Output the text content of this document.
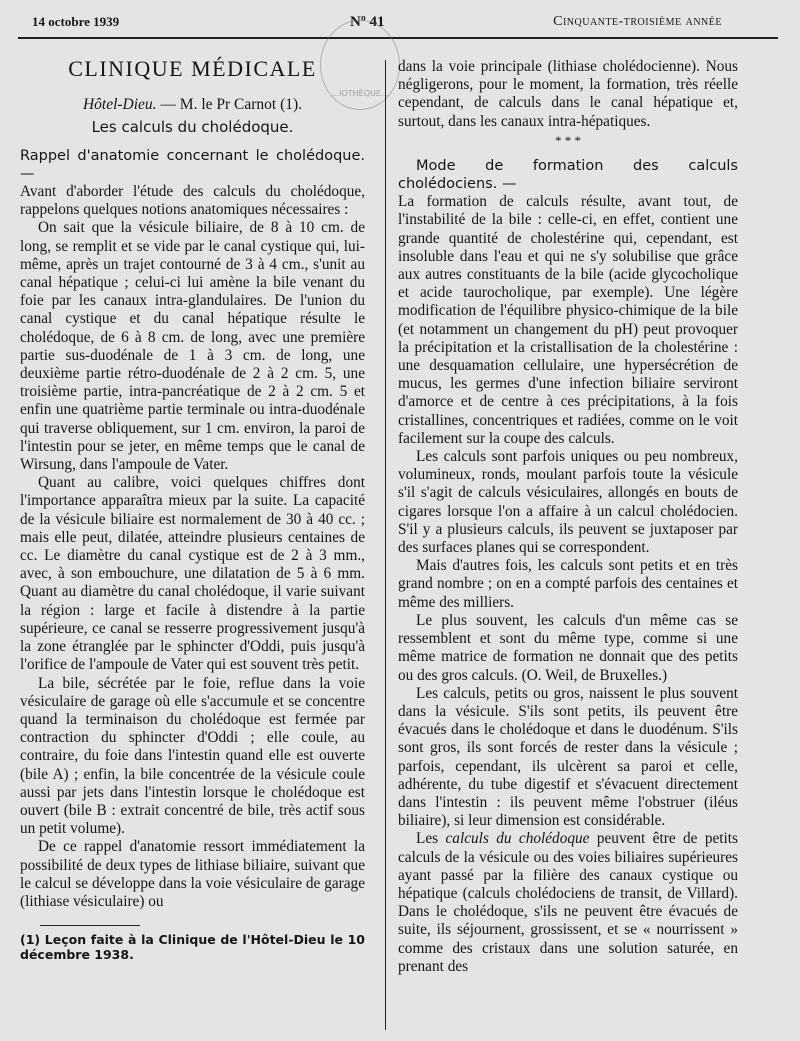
14 octobre 1939	Nº 41	Cinquante-troisième année
...IOTHÈQUE...
CLINIQUE MÉDICALE
Hôtel-Dieu. — M. le Pr Carnot (1).
Les calculs du cholédoque.

Rappel d'anatomie concernant le cholédoque. —

Avant d'aborder l'étude des calculs du cholédoque, rappelons quelques notions anatomiques nécessaires :

On sait que la vésicule biliaire, de 8 à 10 cm. de long, se remplit et se vide par le canal cystique qui, lui-même, après un trajet contourné de 3 à 4 cm., s'unit au canal hépatique ; celui-ci lui amène la bile venant du foie par les canaux intra-glandulaires. De l'union du canal cystique et du canal hépatique résulte le cholédoque, de 6 à 8 cm. de long, avec une première partie sus-duodénale de 1 à 3 cm. de long, une deuxième partie rétro-duodénale de 2 à 2 cm. 5, une troisième partie, intra-pancréatique de 2 à 2 cm. 5 et enfin une quatrième partie terminale ou intra-duodénale qui traverse obliquement, sur 1 cm. environ, la paroi de l'intestin pour se jeter, en même temps que le canal de Wirsung, dans l'ampoule de Vater.

Quant au calibre, voici quelques chiffres dont l'importance apparaîtra mieux par la suite. La capacité de la vésicule biliaire est normalement de 30 à 40 cc. ; mais elle peut, dilatée, atteindre plusieurs centaines de cc. Le diamètre du canal cystique est de 2 à 3 mm., avec, à son embouchure, une dilatation de 5 à 6 mm. Quant au diamètre du canal cholédoque, il varie suivant la région : large et facile à distendre à la partie supérieure, ce canal se resserre progressivement jusqu'à la zone étranglée par le sphincter d'Oddi, puis jusqu'à l'orifice de l'ampoule de Vater qui est souvent très petit.

La bile, sécrétée par le foie, reflue dans la voie vésiculaire de garage où elle s'accumule et se concentre quand la terminaison du cholédoque est fermée par contraction du sphincter d'Oddi ; elle coule, au contraire, du foie dans l'intestin quand elle est ouverte (bile A) ; enfin, la bile concentrée de la vésicule coule aussi par jets dans l'intestin lorsque le cholédoque est ouvert (bile B : extrait concentré de bile, très actif sous un petit volume).

De ce rappel d'anatomie ressort immédiatement la possibilité de deux types de lithiase biliaire, suivant que le calcul se développe dans la voie vésiculaire de garage (lithiase vésiculaire) ou

(1) Leçon faite à la Clinique de l'Hôtel-Dieu le 10 décembre 1938.

dans la voie principale (lithiase cholédocienne). Nous négligerons, pour le moment, la formation, très réelle cependant, de calculs dans le canal hépatique et, surtout, dans les canaux intra-hépatiques.

* * *

Mode de formation des calculs cholédociens. —

La formation de calculs résulte, avant tout, de l'instabilité de la bile : celle-ci, en effet, contient une grande quantité de cholestérine qui, cependant, est insoluble dans l'eau et qui ne s'y solubilise que grâce aux autres constituants de la bile (acide glycocholique et acide taurocholique, par exemple). Une légère modification de l'équilibre physico-chimique de la bile (et notamment un changement du pH) peut provoquer la précipitation et la cristallisation de la cholestérine : une desquamation cellulaire, une hypersécrétion de mucus, les germes d'une infection biliaire serviront d'amorce et de centre à ces précipitations, à la fois cristallines, concentriques et radiées, comme on le voit facilement sur la coupe des calculs.

Les calculs sont parfois uniques ou peu nombreux, volumineux, ronds, moulant parfois toute la vésicule s'il s'agit de calculs vésiculaires, allongés en bouts de cigares lorsque l'on a affaire à un calcul cholédocien. S'il y a plusieurs calculs, ils peuvent se juxtaposer par des surfaces planes qui se correspondent.

Mais d'autres fois, les calculs sont petits et en très grand nombre ; on en a compté parfois des centaines et même des milliers.

Le plus souvent, les calculs d'un même cas se ressemblent et sont du même type, comme si une même matrice de formation ne donnait que des petits ou des gros calculs. (O. Weil, de Bruxelles.)

Les calculs, petits ou gros, naissent le plus souvent dans la vésicule. S'ils sont petits, ils peuvent être évacués dans le cholédoque et dans le duodénum. S'ils sont gros, ils sont forcés de rester dans la vésicule ; parfois, cependant, ils ulcèrent sa paroi et celle, adhérente, du tube digestif et s'évacuent directement dans l'intestin : ils peuvent même l'obstruer (iléus biliaire), si leur dimension est considérable.

Les calculs du cholédoque peuvent être de petits calculs de la vésicule ou des voies biliaires supérieures ayant passé par la filière des canaux cystique ou hépatique (calculs cholédociens de transit, de Villard). Dans le cholédoque, s'ils ne peuvent être évacués de suite, ils séjournent, grossissent, et se « nourrissent » comme des cristaux dans une solution saturée, en prenant des
